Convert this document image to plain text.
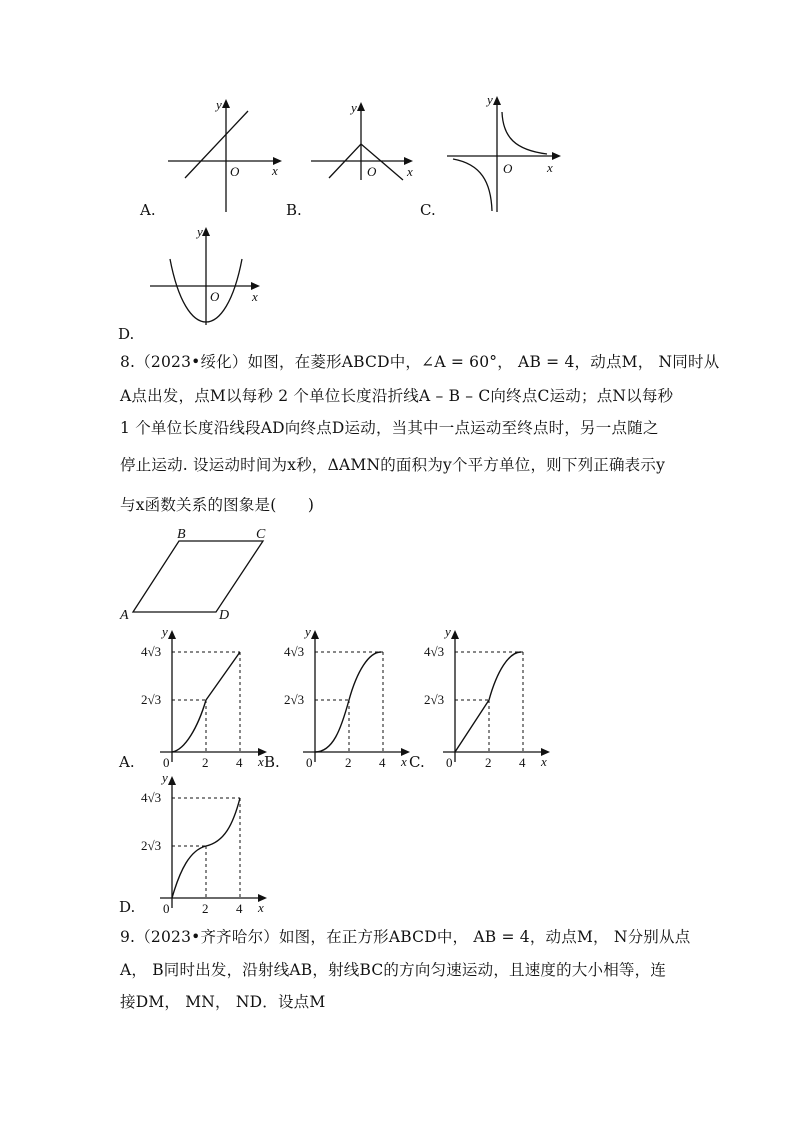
y
O	x
A.
y
O x
B.
y
O	x
C.
y
O	x
D.
8.（2023•绥化）如图，在菱形ABCD中，∠A = 60°， AB = 4，动点M， N同时从
A点出发，点M以每秒 2 个单位长度沿折线A – B – C向终点C运动；点N以每秒
1 个单位长度沿线段AD向终点D运动，当其中一点运动至终点时，另一点随之
停止运动. 设运动时间为x秒，ΔAMN的面积为y个平方单位，则下列正确表示y
与x函数关系的图象是(　　)
A
B	C
D
y
x
0	2 4
4√3
2√3
A.
y
x
0	2 4
4√3
2√3
B.
y
x
0	2 4
4√3
2√3
C.
y
x
0	2 4
4√3
2√3
D.
9.（2023•齐齐哈尔）如图，在正方形ABCD中， AB = 4，动点M， N分别从点
A， B同时出发，沿射线AB，射线BC的方向匀速运动，且速度的大小相等，连
接DM， MN， ND．设点M
